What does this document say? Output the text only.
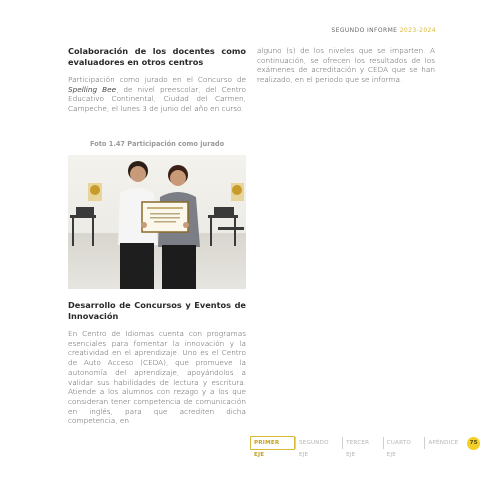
SEGUNDO INFORME 2023-2024

Colaboración de los docentes como evaluadores en otros centros

Participación como jurado en el Concurso de Spelling Bee, de nivel preescolar, del Centro Educativo Continental, Ciudad del Carmen, Campeche, el lunes 3 de junio del año en curso.

Foto 1.47 Participación como jurado

alguno (s) de los niveles que se imparten. A continuación, se ofrecen los resultados de los exámenes de acreditación y CEDA que se han realizado, en el periodo que se informa.

Desarrollo de Concursos y Eventos de Innovación

En Centro de Idiomas cuenta con programas esenciales para fomentar la innovación y la creatividad en el aprendizaje. Uno es el Centro de Auto Acceso (CEDA), que promueve la autonomía del aprendizaje, apoyándolos a validar sus habilidades de lectura y escritura. Atiende a los alumnos con rezago y a los que consideran tener competencia de comunicación en inglés, para que acrediten dicha competencia, en

PRIMER EJE
SEGUNDO EJE
TERCER EJE
CUARTO EJE
APÉNDICE	75
